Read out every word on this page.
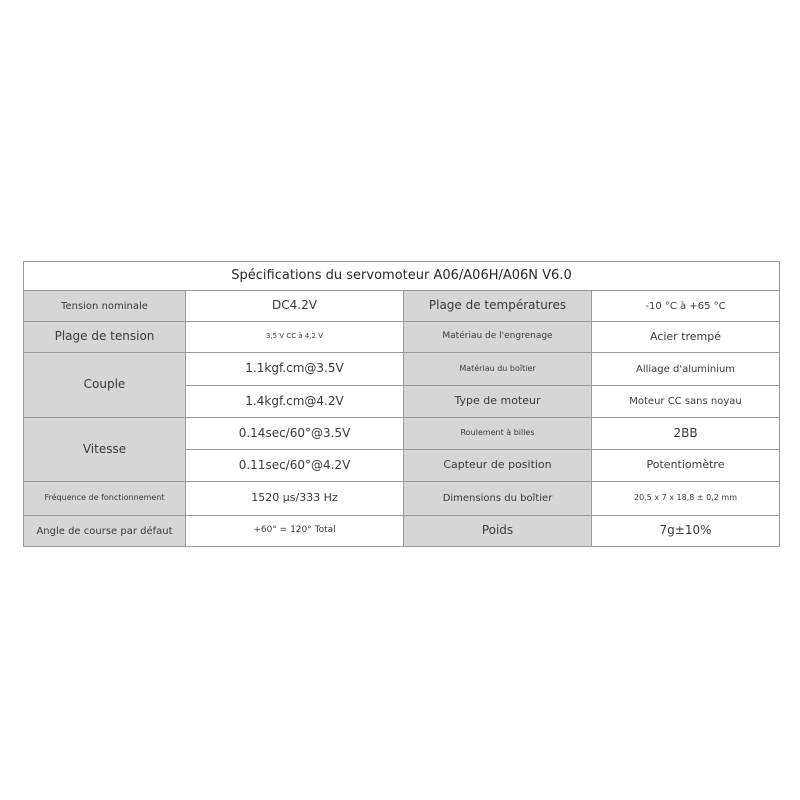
Spécifications du servomoteur A06/A06H/A06N V6.0			
Tension nominale	DC4.2V	Plage de températures	-10 °C à +65 °C
Plage de tension	3,5 V CC à 4,2 V	Matériau de l'engrenage	Acier trempé
Couple	1.1kgf.cm@3.5V	Matériau du boîtier	Alliage d'aluminium
	1.4kgf.cm@4.2V	Type de moteur	Moteur CC sans noyau
Vitesse	0.14sec/60°@3.5V	Roulement à billes	2BB
	0.11sec/60°@4.2V	Capteur de position	Potentiomètre
Fréquence de fonctionnement	1520 μs/333 Hz	Dimensions du boîtier	20,5 x 7 x 18,8 ± 0,2 mm
Angle de course par défaut	+60° = 120° Total	Poids	7g±10%
